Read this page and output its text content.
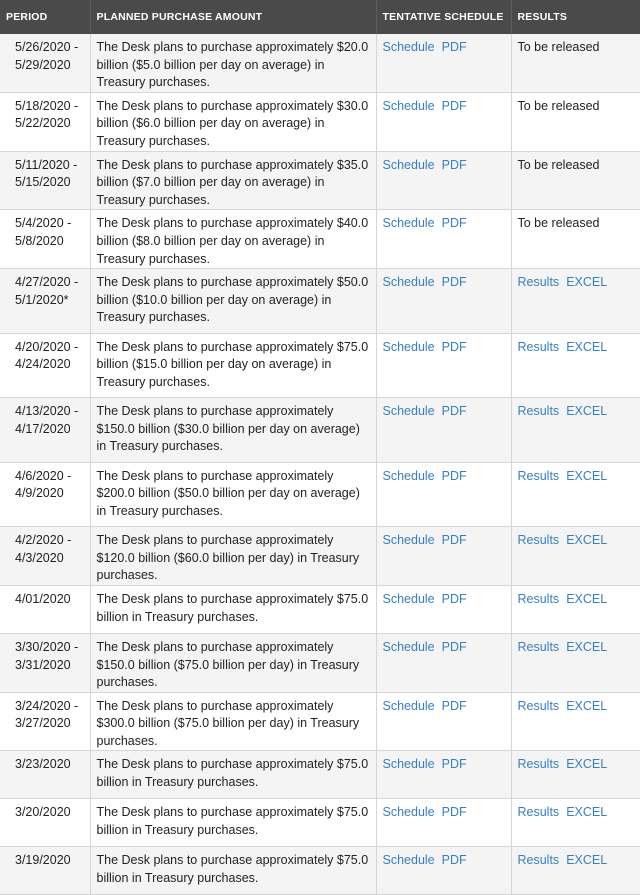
PERIOD	PLANNED PURCHASE AMOUNT	TENTATIVE SCHEDULE	RESULTS
5/26/2020 - 5/29/2020	The Desk plans to purchase approximately $20.0 billion ($5.0 billion per day on average) in Treasury purchases.	Schedule PDF	To be released
5/18/2020 - 5/22/2020	The Desk plans to purchase approximately $30.0 billion ($6.0 billion per day on average) in Treasury purchases.	Schedule PDF	To be released
5/11/2020 - 5/15/2020	The Desk plans to purchase approximately $35.0 billion ($7.0 billion per day on average) in Treasury purchases.	Schedule PDF	To be released
5/4/2020 - 5/8/2020	The Desk plans to purchase approximately $40.0 billion ($8.0 billion per day on average) in Treasury purchases.	Schedule PDF	To be released
4/27/2020 - 5/1/2020*	The Desk plans to purchase approximately $50.0 billion ($10.0 billion per day on average) in Treasury purchases.	Schedule PDF	Results EXCEL
4/20/2020 - 4/24/2020	The Desk plans to purchase approximately $75.0 billion ($15.0 billion per day on average) in Treasury purchases.	Schedule PDF	Results EXCEL
4/13/2020 - 4/17/2020	The Desk plans to purchase approximately $150.0 billion ($30.0 billion per day on average) in Treasury purchases.	Schedule PDF	Results EXCEL
4/6/2020 - 4/9/2020	The Desk plans to purchase approximately $200.0 billion ($50.0 billion per day on average) in Treasury purchases.	Schedule PDF	Results EXCEL
4/2/2020 - 4/3/2020	The Desk plans to purchase approximately $120.0 billion ($60.0 billion per day) in Treasury purchases.	Schedule PDF	Results EXCEL
4/01/2020	The Desk plans to purchase approximately $75.0 billion in Treasury purchases.	Schedule PDF	Results EXCEL
3/30/2020 - 3/31/2020	The Desk plans to purchase approximately $150.0 billion ($75.0 billion per day) in Treasury purchases.	Schedule PDF	Results EXCEL
3/24/2020 - 3/27/2020	The Desk plans to purchase approximately $300.0 billion ($75.0 billion per day) in Treasury purchases.	Schedule PDF	Results EXCEL
3/23/2020	The Desk plans to purchase approximately $75.0 billion in Treasury purchases.	Schedule PDF	Results EXCEL
3/20/2020	The Desk plans to purchase approximately $75.0 billion in Treasury purchases.	Schedule PDF	Results EXCEL
3/19/2020	The Desk plans to purchase approximately $75.0 billion in Treasury purchases.	Schedule PDF	Results EXCEL
